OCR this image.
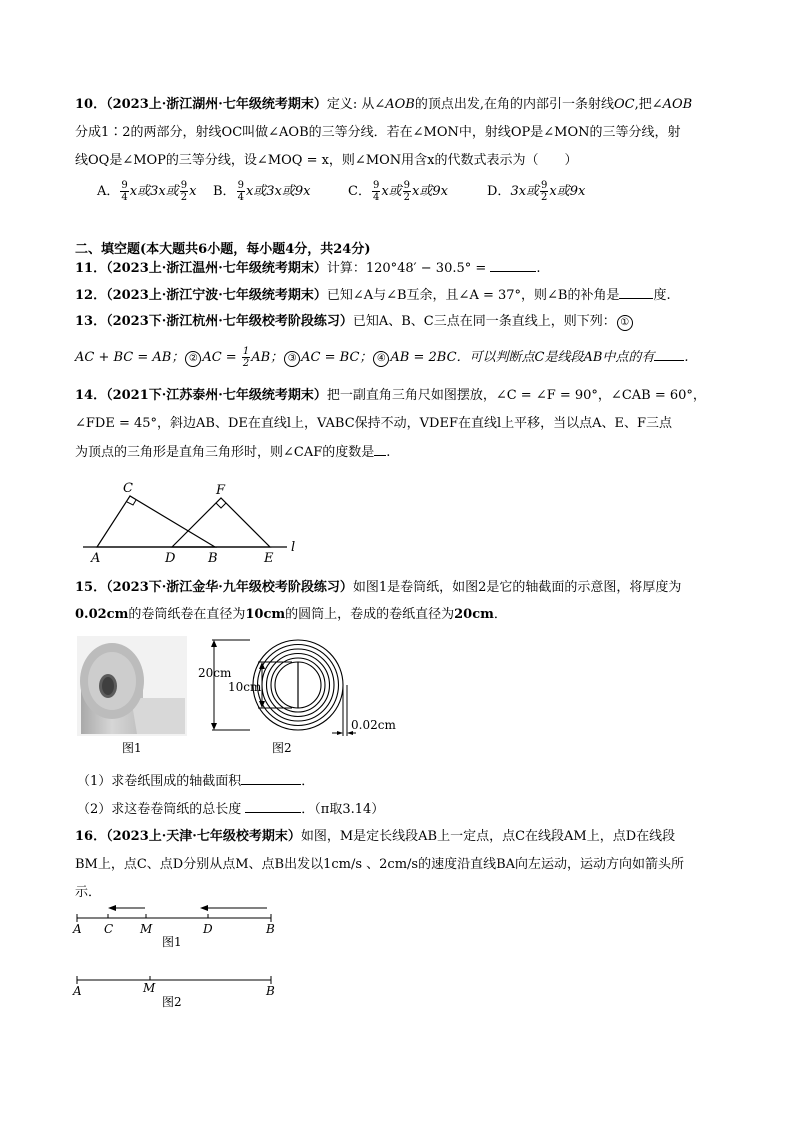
10．（2023上·浙江湖州·七年级统考期末）定义: 从∠AOB的顶点出发,在角的内部引一条射线OC,把∠AOB
分成1∶2的两部分，射线OC叫做∠AOB的三等分线．若在∠MON中，射线OP是∠MON的三等分线，射
线OQ是∠MOP的三等分线，设∠MOQ = x，则∠MON用含x的代数式表示为（　　）
A． $\frac{9}{4}$ x或3x或 $\frac{9}{2}$ x B． $\frac{9}{4}$ x或3x或9x	C． $\frac{9}{4}$ x或 $\frac{9}{2}$ x或9x	D．3x或 $\frac{9}{2}$ x或9x
二、填空题(本大题共6小题，每小题4分，共24分)
11．（2023上·浙江温州·七年级统考期末）计算：120°48′ − 30.5° =	.
12．（2023上·浙江宁波·七年级统考期末）已知∠A与∠B互余，且∠A = 37°，则∠B的补角是	度.
13．（2023下·浙江杭州·七年级校考阶段练习）已知A、B、C三点在同一条直线上，则下列： ①
AC + BC = AB； ② AC = $\frac{1}{2}$ AB； ③ AC = BC； ④ AB = 2BC．可以判断点C是线段AB中点的有 .
14．（2021下·江苏泰州·七年级统考期末）把一副直角三角尺如图摆放，∠C = ∠F = 90°，∠CAB = 60°，
∠FDE = 45°，斜边AB、DE在直线l上，VABC保持不动，VDEF在直线l上平移，当以点A、E、F三点
为顶点的三角形是直角三角形时，则∠CAF的度数是 .
C	F
A	D	B	E
l
15．（2023下·浙江金华·九年级校考阶段练习）如图1是卷筒纸，如图2是它的轴截面的示意图，将厚度为
0.02cm的卷筒纸卷在直径为10cm的圆筒上，卷成的卷纸直径为20cm．
图1
20cm
10cm
0.02cm
图2
（1）求卷纸围成的轴截面积	．
（2）求这卷卷筒纸的总长度	．（π取3.14）
16．（2023上·天津·七年级校考期末）如图，M是定长线段AB上一定点，点C在线段AM上，点D在线段
BM上，点C、点D分别从点M、点B出发以1cm/s 、2cm/s的速度沿直线BA向左运动，运动方向如箭头所
示．
A C M	D	B
图1
A	M	B
图2
